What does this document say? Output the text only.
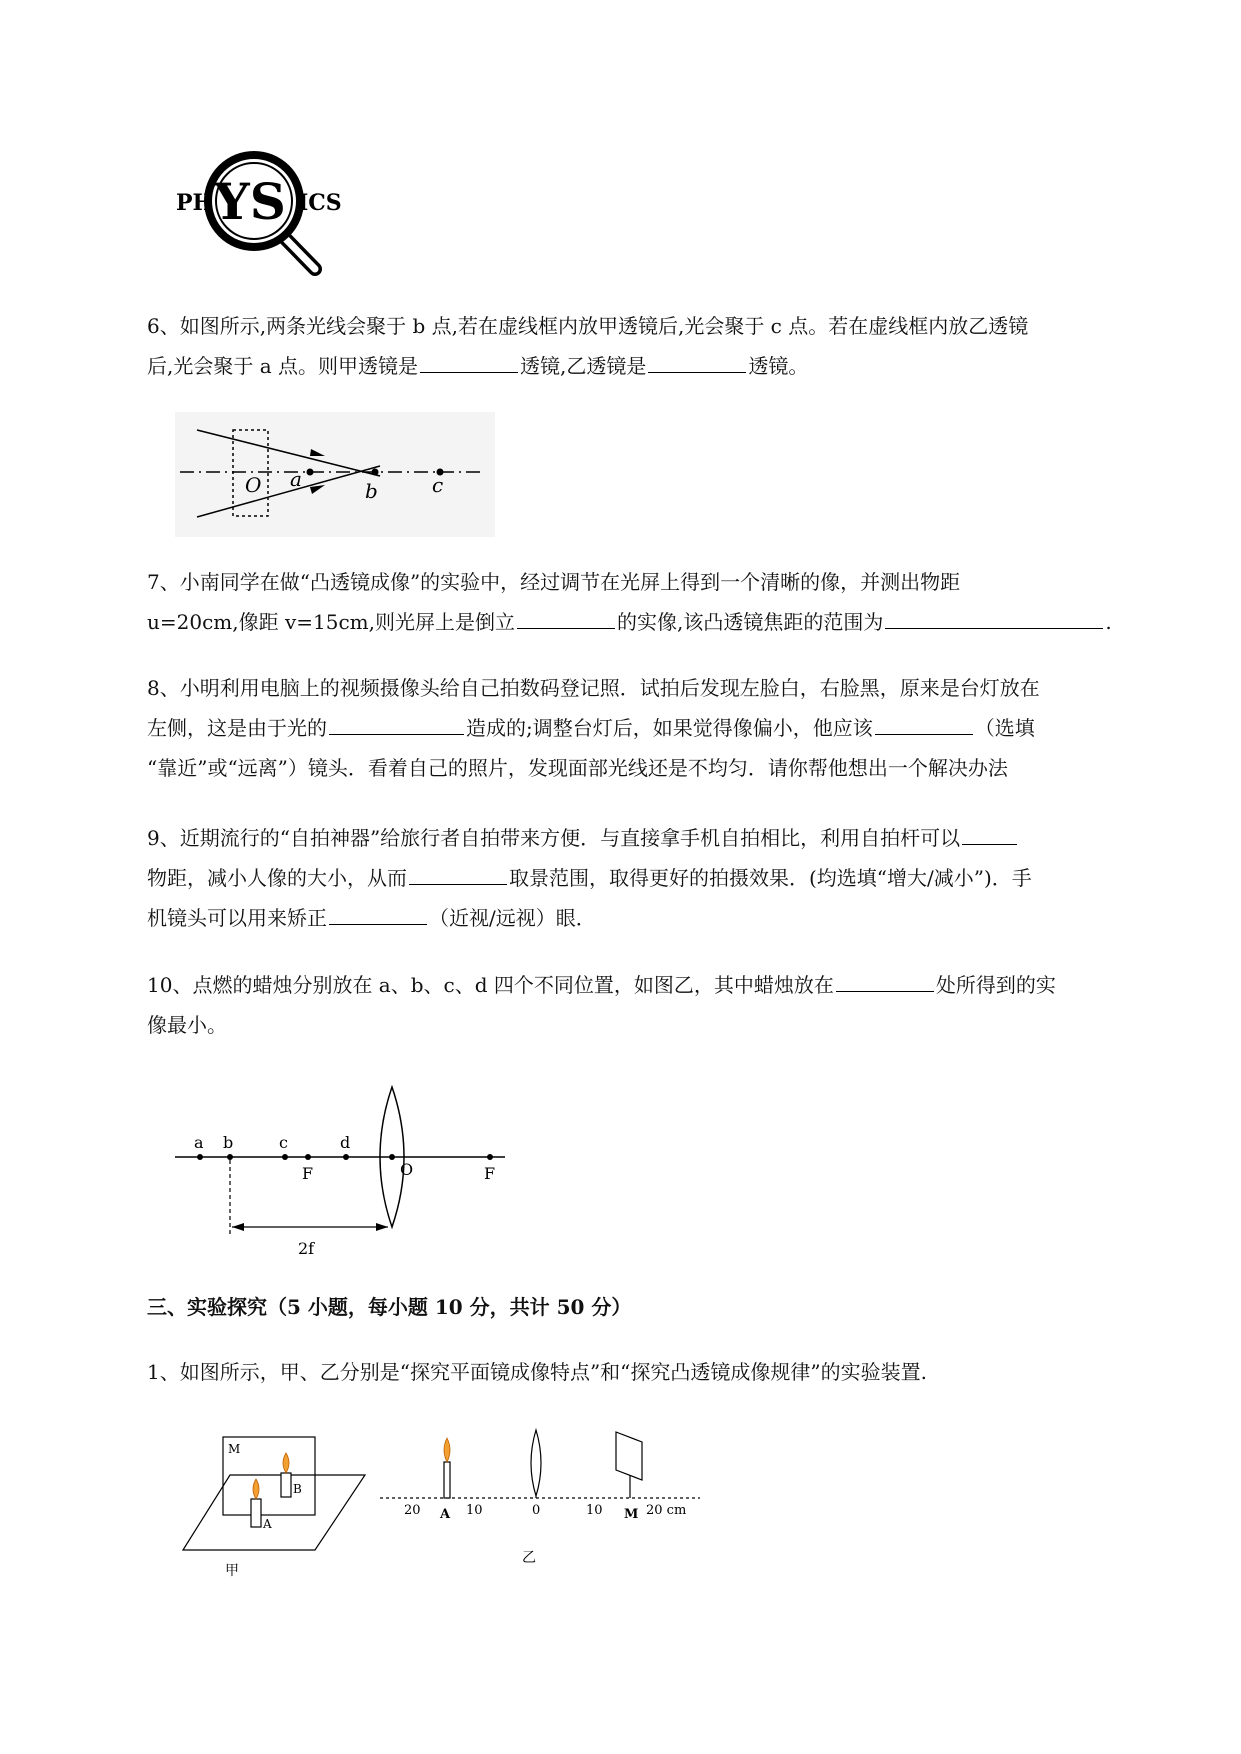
PH YS ICS
6、如图所示,两条光线会聚于 b 点,若在虚线框内放甲透镜后,光会聚于 c 点。若在虚线框内放乙透镜
后,光会聚于 a 点。则甲透镜是	透镜,乙透镜是	透镜。
O a	b	c
7、小南同学在做“凸透镜成像”的实验中，经过调节在光屏上得到一个清晰的像，并测出物距
u=20cm,像距 v=15cm,则光屏上是倒立	的实像,该凸透镜焦距的范围为	.
8、小明利用电脑上的视频摄像头给自己拍数码登记照．试拍后发现左脸白，右脸黑，原来是台灯放在
左侧，这是由于光的	造成的;调整台灯后，如果觉得像偏小，他应该	（选填
“靠近”或“远离”）镜头．看着自己的照片，发现面部光线还是不均匀．请你帮他想出一个解决办法
9、近期流行的“自拍神器”给旅行者自拍带来方便．与直接拿手机自拍相比，利用自拍杆可以
物距，减小人像的大小，从而	取景范围，取得更好的拍摄效果．(均选填“增大/减小”)．手
机镜头可以用来矫正	（近视/远视）眼．
10、点燃的蜡烛分别放在 a、b、c、d 四个不同位置，如图乙，其中蜡烛放在	处所得到的实
像最小。
a b	c	d
F	O	F
2f
三、实验探究（5 小题，每小题 10 分，共计 50 分）
1、如图所示，甲、乙分别是“探究平面镜成像特点”和“探究凸透镜成像规律”的实验装置.
M
B
A
甲
20 A 10	0	10 M 20 cm
乙
